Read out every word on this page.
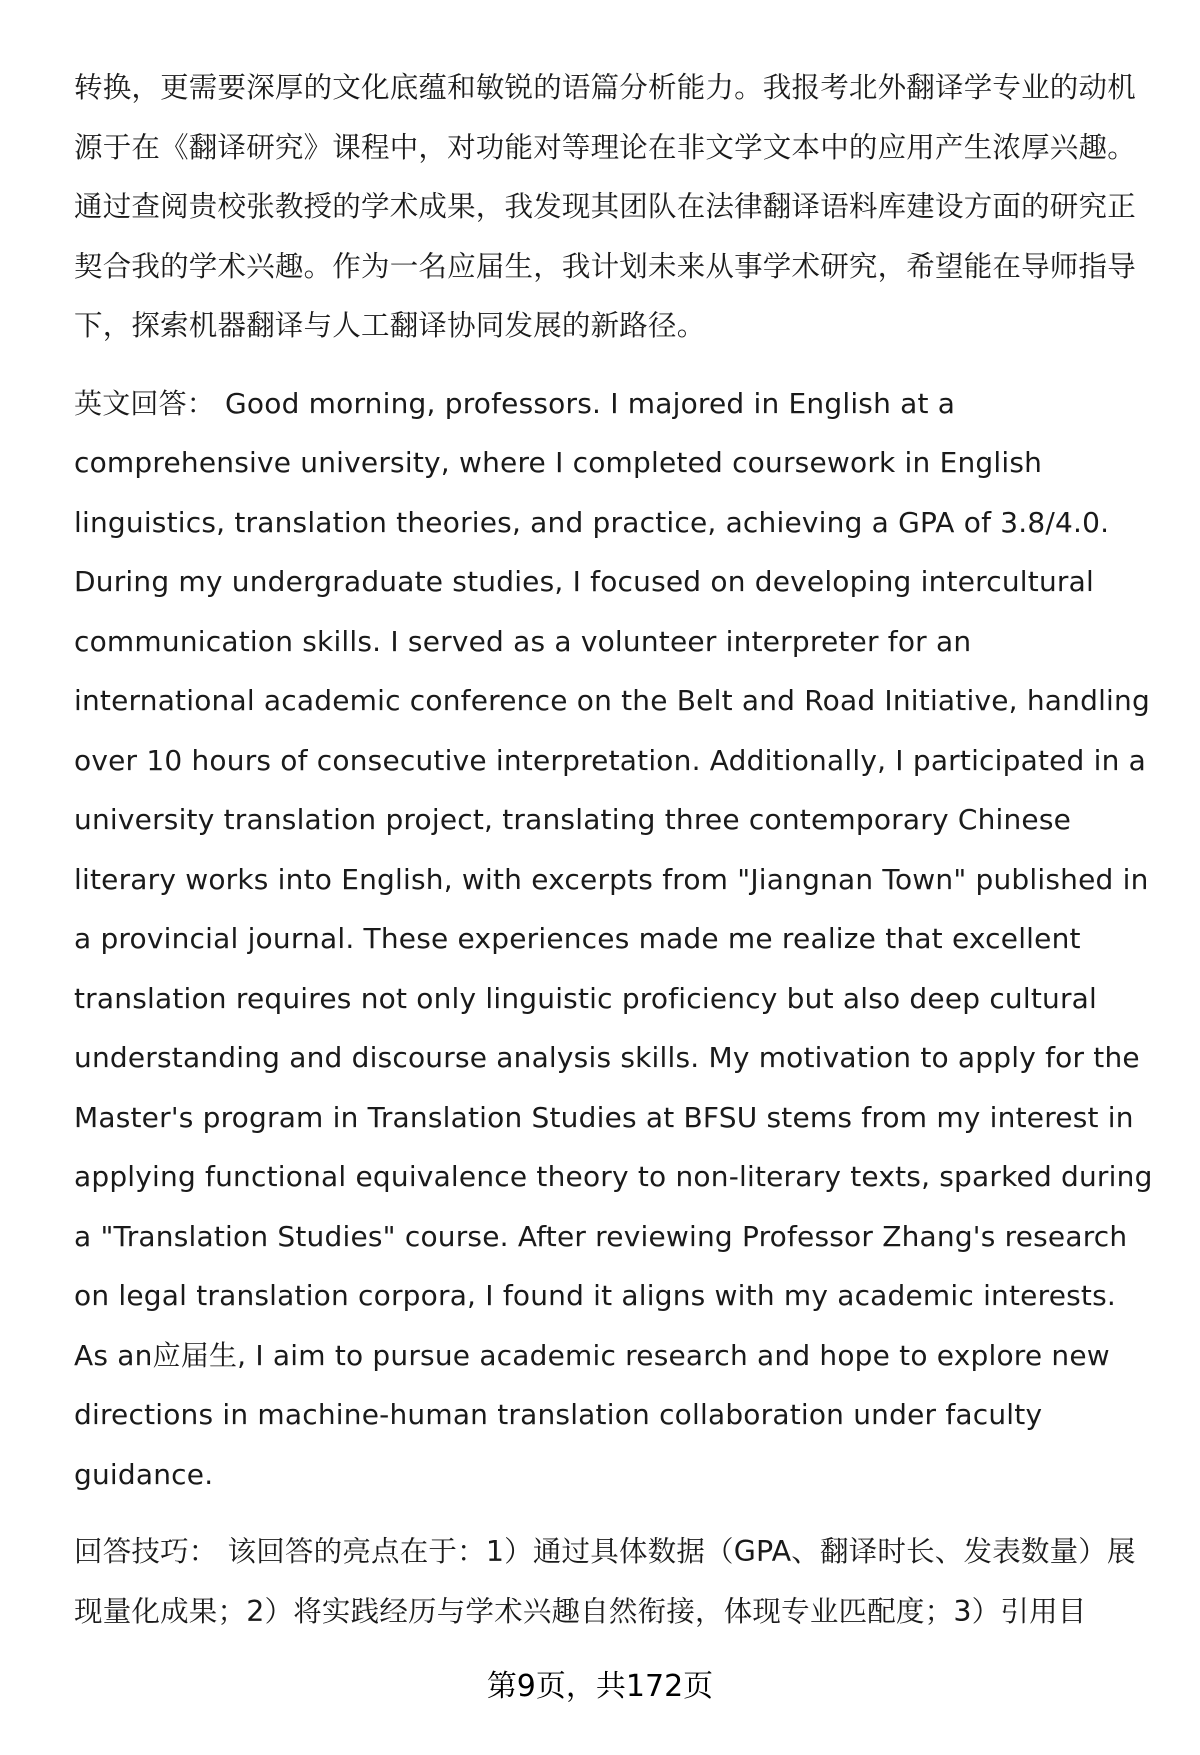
转换，更需要深厚的文化底蕴和敏锐的语篇分析能力。我报考北外翻译学专业的动机源于在《翻译研究》课程中，对功能对等理论在非文学文本中的应用产生浓厚兴趣。通过查阅贵校张教授的学术成果，我发现其团队在法律翻译语料库建设方面的研究正契合我的学术兴趣。作为一名应届生，我计划未来从事学术研究，希望能在导师指导下，探索机器翻译与人工翻译协同发展的新路径。

英文回答： Good morning, professors. I majored in English at a comprehensive university, where I completed coursework in English linguistics, translation theories, and practice, achieving a GPA of 3.8/4.0. During my undergraduate studies, I focused on developing intercultural communication skills. I served as a volunteer interpreter for an international academic conference on the Belt and Road Initiative, handling over 10 hours of consecutive interpretation. Additionally, I participated in a university translation project, translating three contemporary Chinese literary works into English, with excerpts from "Jiangnan Town" published in a provincial journal. These experiences made me realize that excellent translation requires not only linguistic proficiency but also deep cultural understanding and discourse analysis skills. My motivation to apply for the Master's program in Translation Studies at BFSU stems from my interest in applying functional equivalence theory to non-literary texts, sparked during a "Translation Studies" course. After reviewing Professor Zhang's research on legal translation corpora, I found it aligns with my academic interests. As an应届生, I aim to pursue academic research and hope to explore new directions in machine-human translation collaboration under faculty guidance.

回答技巧： 该回答的亮点在于：1）通过具体数据（GPA、翻译时长、发表数量）展现量化成果；2）将实践经历与学术兴趣自然衔接，体现专业匹配度；3）引用目

第9页，共172页
